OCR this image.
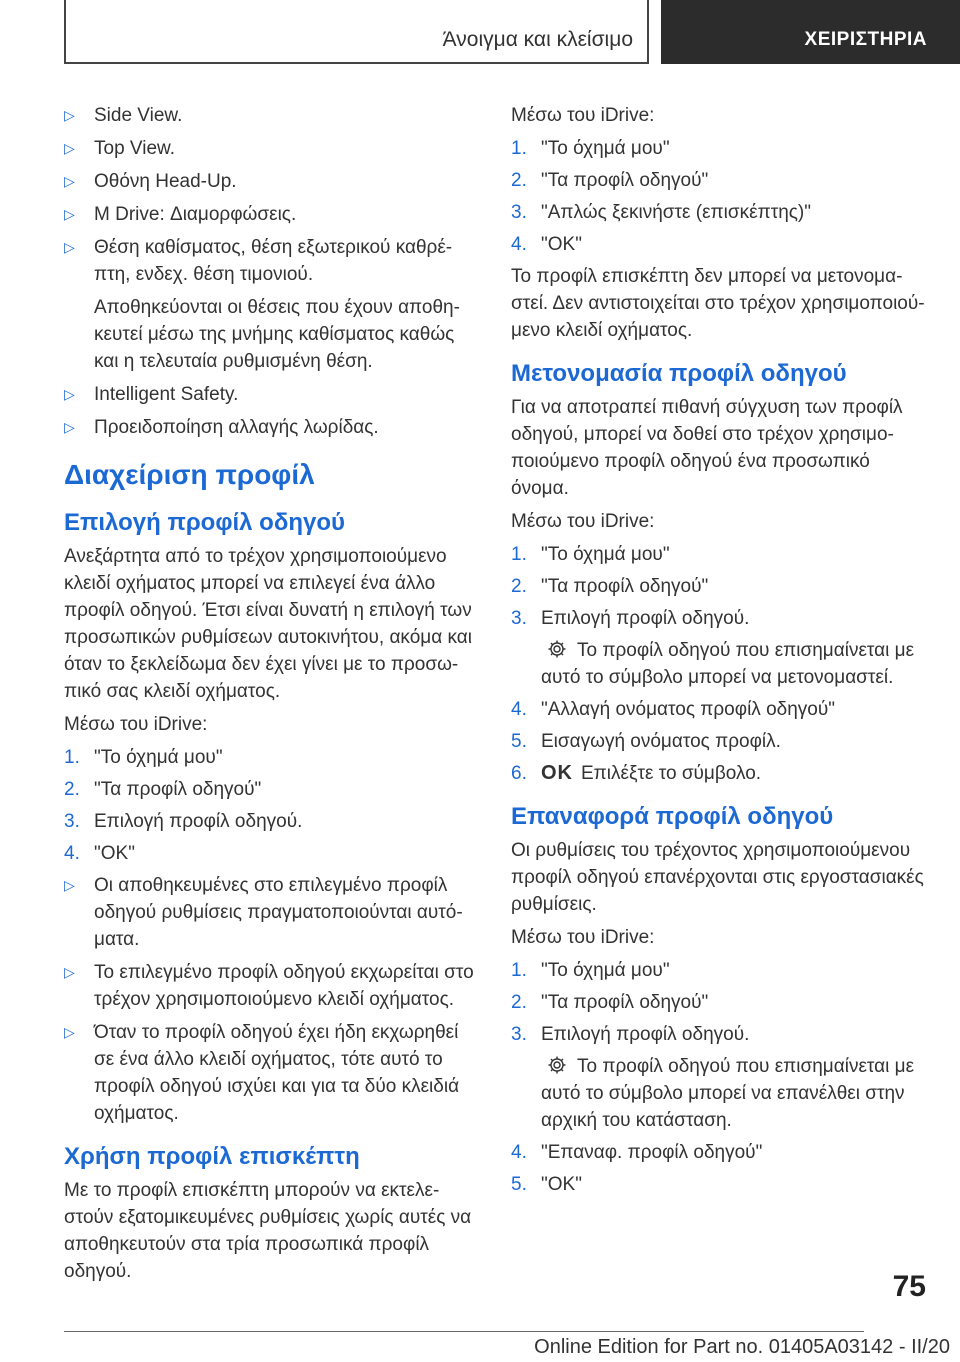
Άνοιγμα και κλείσιμο	ΧΕΙΡΙΣΤΗΡΙΑ
▷ Side View.
▷ Top View.
▷ Οθόνη Head-Up.
▷ M Drive: Διαμορφώσεις.
▷ Θέση καθίσματος, θέση εξωτερικού καθρέ-πτη, ενδεχ. θέση τιμονιού.
Αποθηκεύονται οι θέσεις που έχουν αποθη-κευτεί μέσω της μνήμης καθίσματος καθώς και η τελευταία ρυθμισμένη θέση.
▷ Intelligent Safety.
▷ Προειδοποίηση αλλαγής λωρίδας.
Διαχείριση προφίλ
Επιλογή προφίλ οδηγού
Ανεξάρτητα από το τρέχον χρησιμοποιούμενο κλειδί οχήματος μπορεί να επιλεγεί ένα άλλο προφίλ οδηγού. Έτσι είναι δυνατή η επιλογή των προσωπικών ρυθμίσεων αυτοκινήτου, ακόμα και όταν το ξεκλείδωμα δεν έχει γίνει με το προσω-πικό σας κλειδί οχήματος.
Μέσω του iDrive:
1. "Το όχημά μου"
2. "Τα προφίλ οδηγού"
3. Επιλογή προφίλ οδηγού.
4. "OK"
▷ Οι αποθηκευμένες στο επιλεγμένο προφίλ οδηγού ρυθμίσεις πραγματοποιούνται αυτό-ματα.
▷ Το επιλεγμένο προφίλ οδηγού εκχωρείται στο τρέχον χρησιμοποιούμενο κλειδί οχήματος.
▷ Όταν το προφίλ οδηγού έχει ήδη εκχωρηθεί σε ένα άλλο κλειδί οχήματος, τότε αυτό το προφίλ οδηγού ισχύει και για τα δύο κλειδιά οχήματος.
Χρήση προφίλ επισκέπτη
Με το προφίλ επισκέπτη μπορούν να εκτελε-στούν εξατομικευμένες ρυθμίσεις χωρίς αυτές να αποθηκευτούν στα τρία προσωπικά προφίλ οδηγού.
Μέσω του iDrive:
1. "Το όχημά μου"
2. "Τα προφίλ οδηγού"
3. "Απλώς ξεκινήστε (επισκέπτης)"
4. "OK"
Το προφίλ επισκέπτη δεν μπορεί να μετονομα-στεί. Δεν αντιστοιχείται στο τρέχον χρησιμοποιού-μενο κλειδί οχήματος.
Μετονομασία προφίλ οδηγού
Για να αποτραπεί πιθανή σύγχυση των προφίλ οδηγού, μπορεί να δοθεί στο τρέχον χρησιμο-ποιούμενο προφίλ οδηγού ένα προσωπικό όνομα.
Μέσω του iDrive:
1. "Το όχημά μου"
2. "Τα προφίλ οδηγού"
3. Επιλογή προφίλ οδηγού.
Το προφίλ οδηγού που επισημαίνεται με αυτό το σύμβολο μπορεί να μετονομαστεί.
4. "Αλλαγή ονόματος προφίλ οδηγού"
5. Εισαγωγή ονόματος προφίλ.
6. OK Επιλέξτε το σύμβολο.
Επαναφορά προφίλ οδηγού
Οι ρυθμίσεις του τρέχοντος χρησιμοποιούμενου προφίλ οδηγού επανέρχονται στις εργοστασιακές ρυθμίσεις.
Μέσω του iDrive:
1. "Το όχημά μου"
2. "Τα προφίλ οδηγού"
3. Επιλογή προφίλ οδηγού.
Το προφίλ οδηγού που επισημαίνεται με αυτό το σύμβολο μπορεί να επανέλθει στην αρχική του κατάσταση.
4. "Επαναφ. προφίλ οδηγού"
5. "OK"
75
Online Edition for Part no. 01405A03142 - II/20
